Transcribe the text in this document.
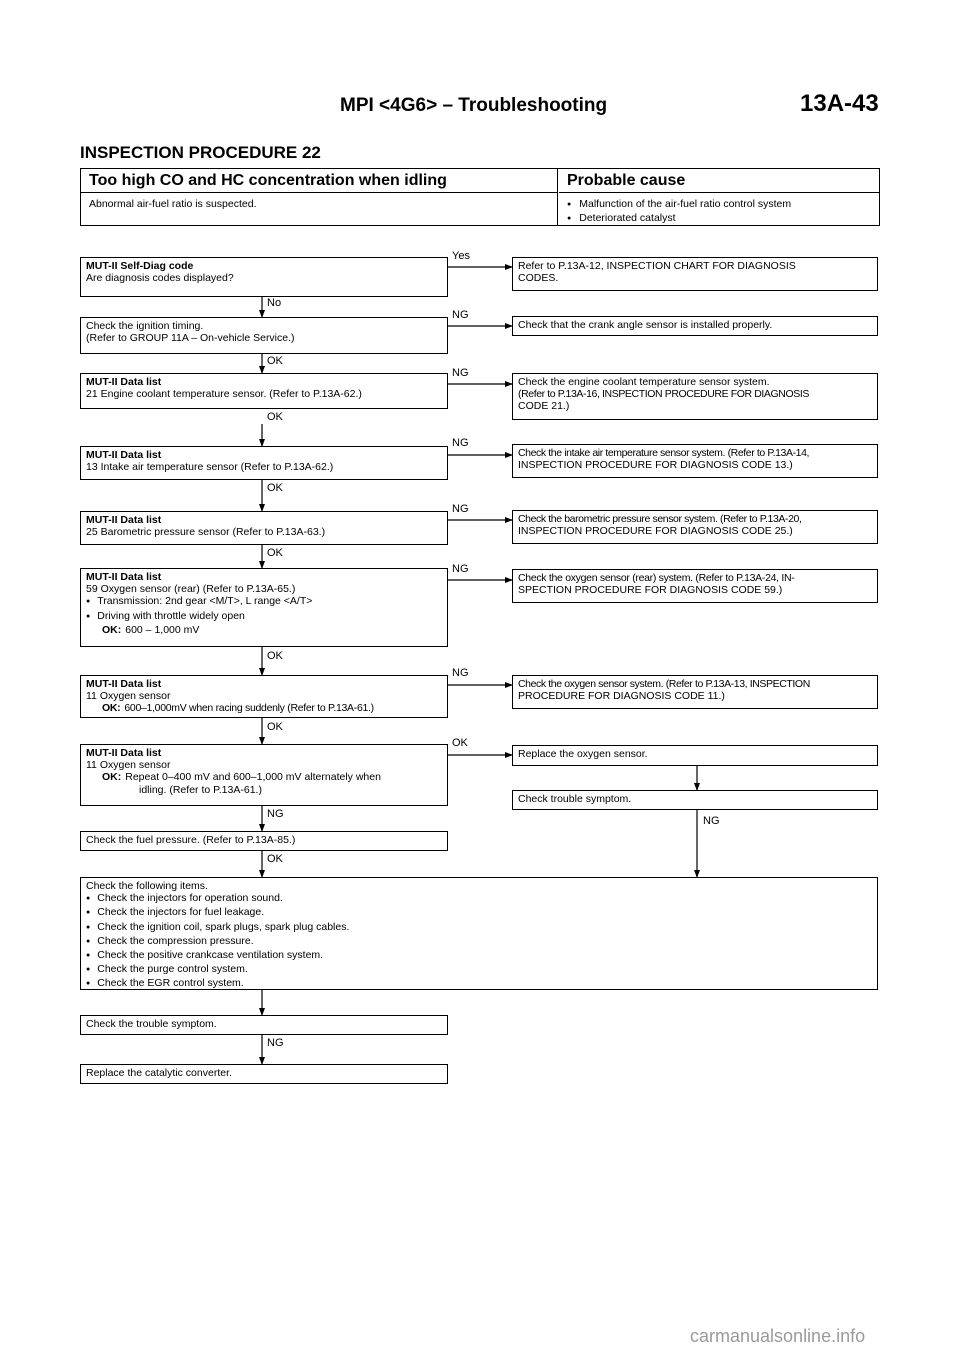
MPI <4G6> – Troubleshooting	13A-43
INSPECTION PROCEDURE 22
Too high CO and HC concentration when idling
Abnormal air-fuel ratio is suspected.
Probable cause
● Malfunction of the air-fuel ratio control system
● Deteriorated catalyst
MUT-II Self-Diag code
Are diagnosis codes displayed?
Check the ignition timing.
(Refer to GROUP 11A – On-vehicle Service.)
MUT-II Data list
21 Engine coolant temperature sensor. (Refer to P.13A-62.)
MUT-II Data list
13 Intake air temperature sensor (Refer to P.13A-62.)
MUT-II Data list
25 Barometric pressure sensor (Refer to P.13A-63.)
MUT-II Data list
59 Oxygen sensor (rear) (Refer to P.13A-65.)
● Transmission: 2nd gear <M/T>, L range <A/T>
● Driving with throttle widely open
OK: 600 – 1,000 mV
MUT-II Data list
11 Oxygen sensor
OK: 600–1,000mV when racing suddenly (Refer to P.13A-61.)
MUT-II Data list
11 Oxygen sensor
OK: Repeat 0–400 mV and 600–1,000 mV alternately when
idling. (Refer to P.13A-61.)
Check the fuel pressure. (Refer to P.13A-85.)
Check the following items.
● Check the injectors for operation sound.
● Check the injectors for fuel leakage.
● Check the ignition coil, spark plugs, spark plug cables.
● Check the compression pressure.
● Check the positive crankcase ventilation system.
● Check the purge control system.
● Check the EGR control system.
Check the trouble symptom.
Replace the catalytic converter.
Refer to P.13A-12, INSPECTION CHART FOR DIAGNOSIS
CODES.
Check that the crank angle sensor is installed properly.
Check the engine coolant temperature sensor system.
(Refer to P.13A-16, INSPECTION PROCEDURE FOR DIAGNOSIS
CODE 21.)
Check the intake air temperature sensor system. (Refer to P.13A-14,
INSPECTION PROCEDURE FOR DIAGNOSIS CODE 13.)
Check the barometric pressure sensor system. (Refer to P.13A-20,
INSPECTION PROCEDURE FOR DIAGNOSIS CODE 25.)
Check the oxygen sensor (rear) system. (Refer to P.13A-24, IN-
SPECTION PROCEDURE FOR DIAGNOSIS CODE 59.)
Check the oxygen sensor system. (Refer to P.13A-13, INSPECTION
PROCEDURE FOR DIAGNOSIS CODE 11.)
Replace the oxygen sensor.
Check trouble symptom.
Yes
NG
NG
NG
NG
NG
NG
OK
No
OK
OK
OK
OK
OK
OK
NG
OK
NG
NG
carmanualsonline.info
